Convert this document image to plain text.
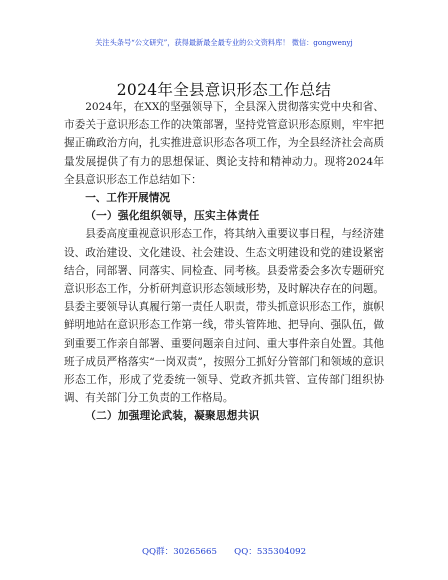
关注头条号“公文研究”，获得最新最全最专业的公文资料库！ 微信：gongwenyj
2024年全县意识形态工作总结

2024年，在XX的坚强领导下，全县深入贯彻落实党中央和省、市委关于意识形态工作的决策部署，坚持党管意识形态原则，牢牢把握正确政治方向，扎实推进意识形态各项工作，为全县经济社会高质量发展提供了有力的思想保证、舆论支持和精神动力。现将2024年全县意识形态工作总结如下：

一、工作开展情况

（一）强化组织领导，压实主体责任

县委高度重视意识形态工作，将其纳入重要议事日程，与经济建设、政治建设、文化建设、社会建设、生态文明建设和党的建设紧密结合，同部署、同落实、同检查、同考核。县委常委会多次专题研究意识形态工作，分析研判意识形态领域形势，及时解决存在的问题。县委主要领导认真履行第一责任人职责，带头抓意识形态工作，旗帜鲜明地站在意识形态工作第一线，带头管阵地、把导向、强队伍，做到重要工作亲自部署、重要问题亲自过问、重大事件亲自处置。其他班子成员严格落实“一岗双责”，按照分工抓好分管部门和领域的意识形态工作，形成了党委统一领导、党政齐抓共管、宣传部门组织协调、有关部门分工负责的工作格局。

（二）加强理论武装，凝聚思想共识

QQ群：30265665　　QQ：535304092
